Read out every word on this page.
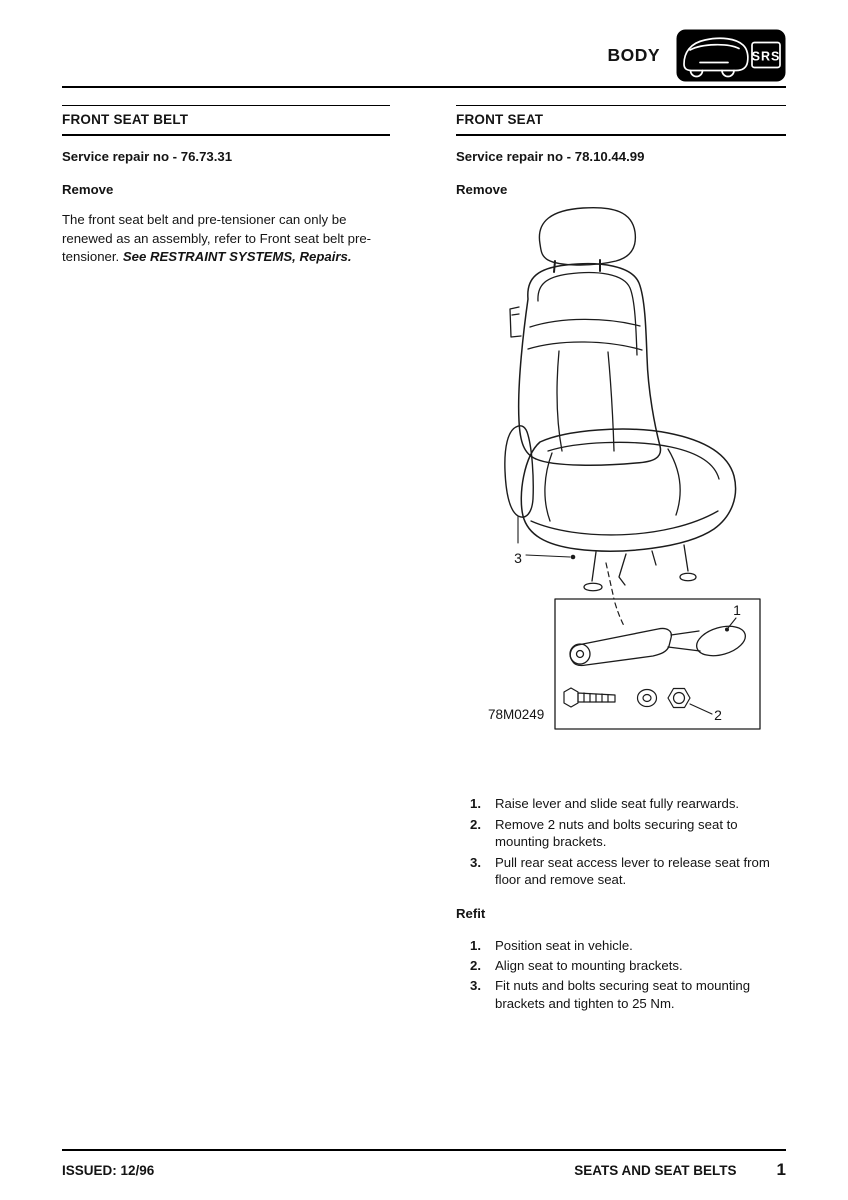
BODY	SRS
FRONT SEAT BELT

Service repair no - 76.73.31

Remove

The front seat belt and pre-tensioner can only be renewed as an assembly, refer to Front seat belt pre-tensioner. See RESTRAINT SYSTEMS, Repairs.

FRONT SEAT

Service repair no - 78.10.44.99

Remove

3
1
2
78M0249
1.	Raise lever and slide seat fully rearwards.
2.	Remove 2 nuts and bolts securing seat to mounting brackets.
3.	Pull rear seat access lever to release seat from floor and remove seat.

Refit

1.	Position seat in vehicle.
2.	Align seat to mounting brackets.
3.	Fit nuts and bolts securing seat to mounting brackets and tighten to 25 Nm.
ISSUED: 12/96	SEATS AND SEAT BELTS 1
